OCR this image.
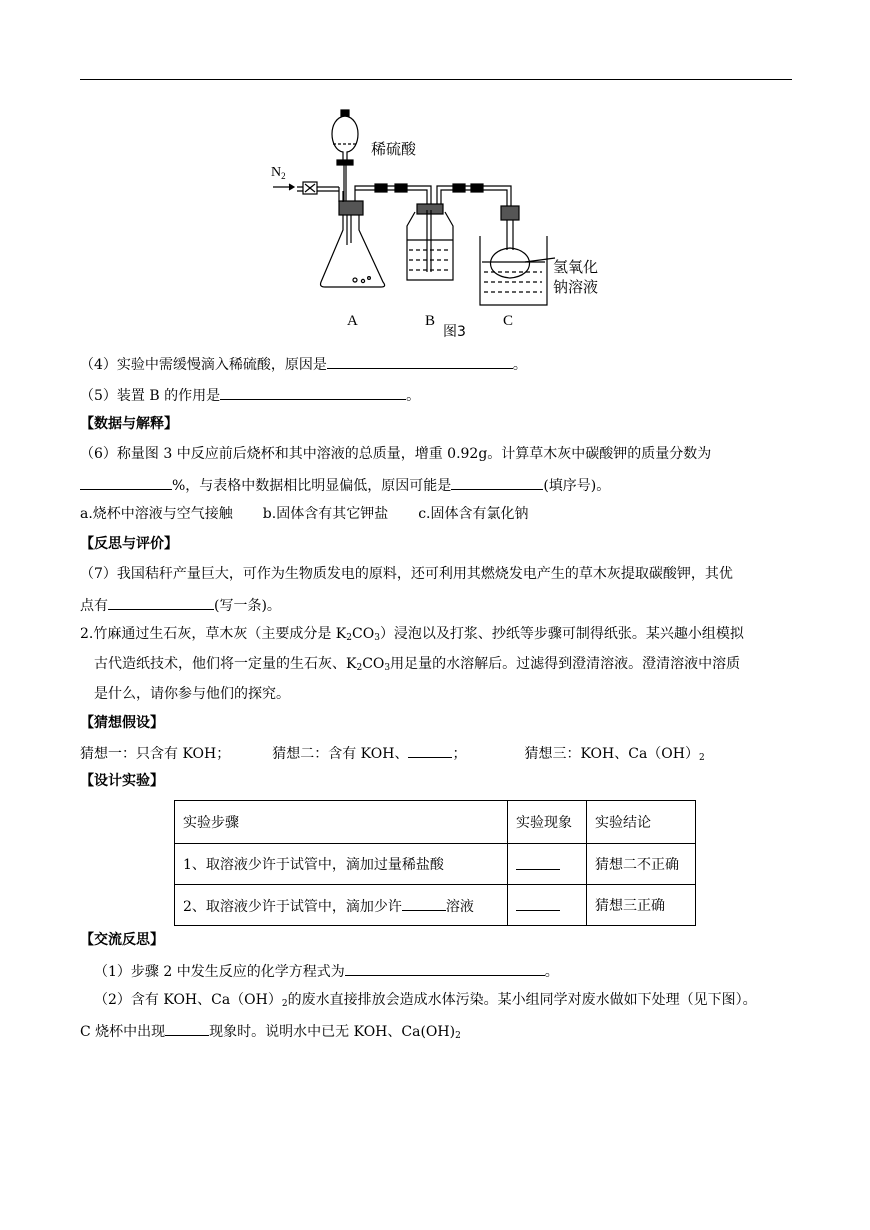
稀硫酸
$N_2$
氢氧化
钠溶液
A	B
图3
C
（4）实验中需缓慢滴入稀硫酸，原因是	。
（5）装置 B 的作用是	。
【数据与解释】
（6）称量图 3 中反应前后烧杯和其中溶液的总质量，增重 0.92g。计算草木灰中碳酸钾的质量分数为
%，与表格中数据相比明显偏低，原因可能是	(填序号)。
a.烧杯中溶液与空气接触 b.固体含有其它钾盐 c.固体含有氯化钠
【反思与评价】
（7）我国秸秆产量巨大，可作为生物质发电的原料，还可利用其燃烧发电产生的草木灰提取碳酸钾，其优
点有	(写一条)。
2.竹麻通过生石灰，草木灰（主要成分是 $K_2CO_3$）浸泡以及打浆、抄纸等步骤可制得纸张。某兴趣小组模拟
古代造纸技术，他们将一定量的生石灰、$K_2CO_3$用足量的水溶解后。过滤得到澄清溶液。澄清溶液中溶质
是什么，请你参与他们的探究。
【猜想假设】
猜想一：只含有 KOH；	猜想二：含有 KOH、	；	猜想三：KOH、$Ca(OH)_2$
【设计实验】
实验步骤	实验现象	实验结论
1、取溶液少许于试管中，滴加过量稀盐酸		猜想二不正确
2、取溶液少许于试管中，滴加少许 溶液		猜想三正确
【交流反思】
（1）步骤 2 中发生反应的化学方程式为	。
（2）含有 KOH、$Ca(OH)_2$的废水直接排放会造成水体污染。某小组同学对废水做如下处理（见下图）。
C 烧杯中出现	现象时。说明水中已无 KOH、$Ca(OH)_2$
